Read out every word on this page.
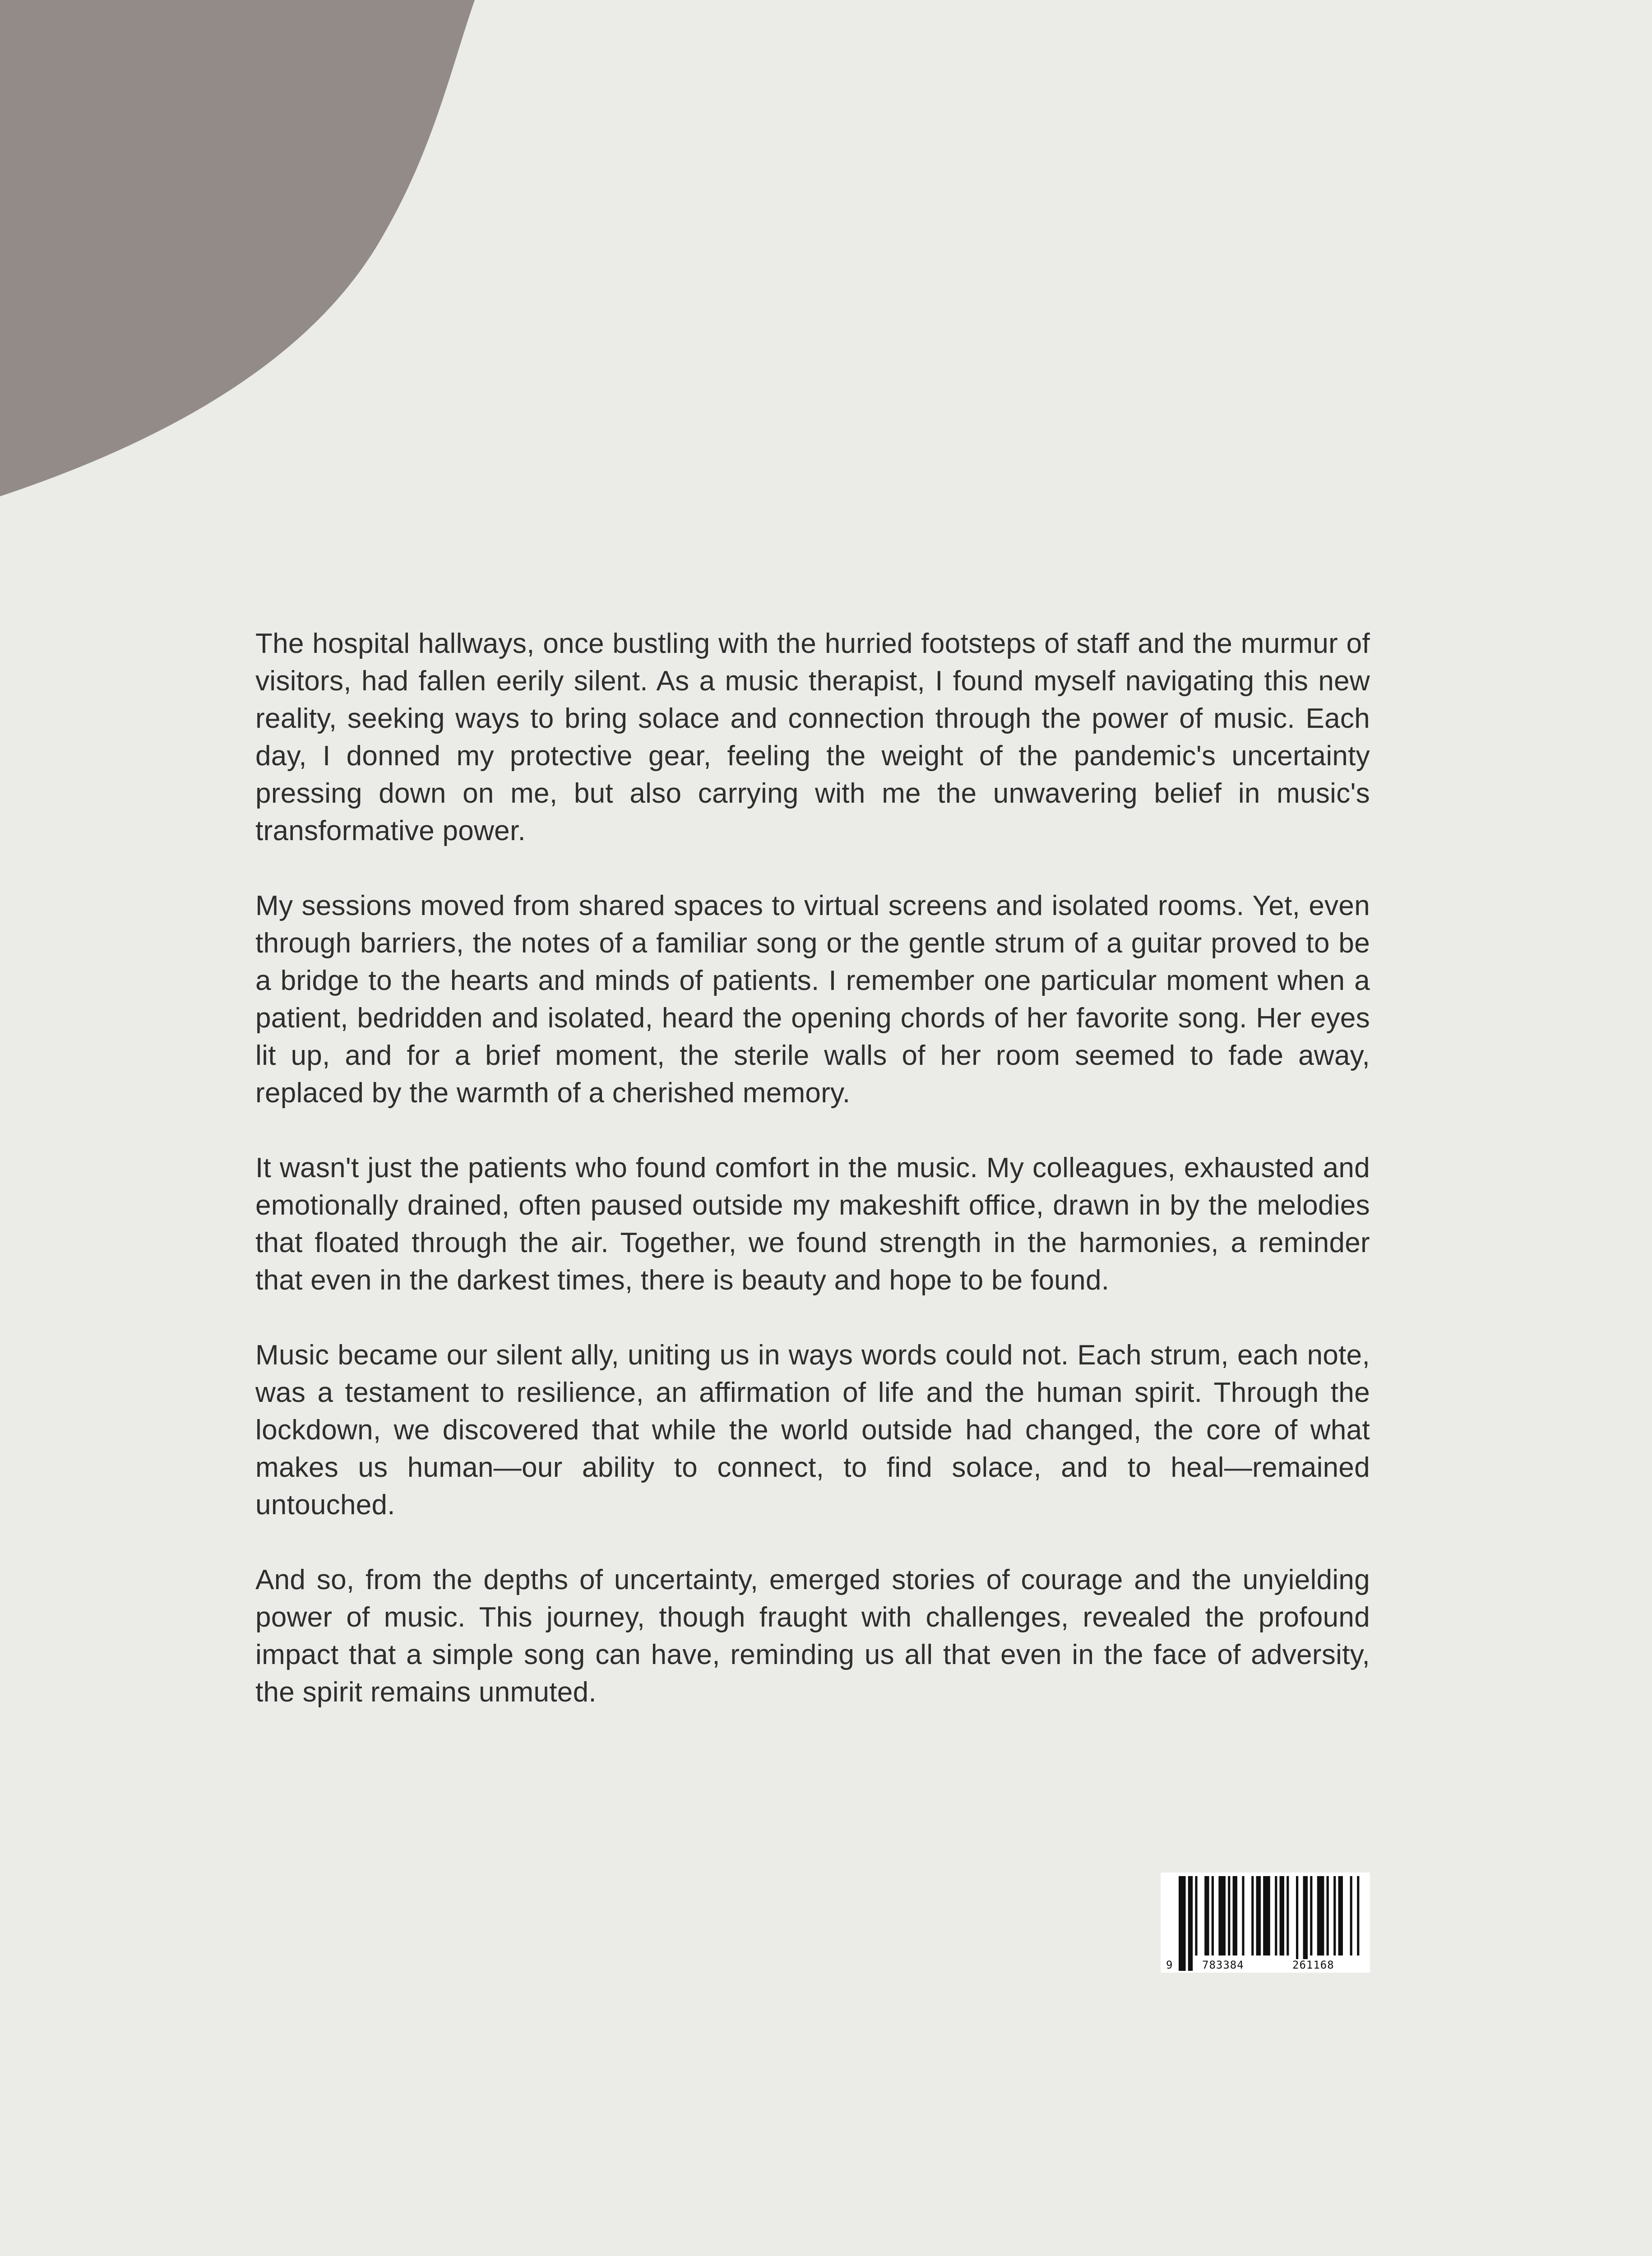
The hospital hallways, once bustling with the hurried footsteps of staff and the murmur of visitors, had fallen eerily silent. As a music therapist, I found myself navigating this new reality, seeking ways to bring solace and connection through the power of music. Each day, I donned my protective gear, feeling the weight of the pandemic's uncertainty pressing down on me, but also carrying with me the unwavering belief in music's transformative power.

My sessions moved from shared spaces to virtual screens and isolated rooms. Yet, even through barriers, the notes of a familiar song or the gentle strum of a guitar proved to be a bridge to the hearts and minds of patients. I remember one particular moment when a patient, bedridden and isolated, heard the opening chords of her favorite song. Her eyes lit up, and for a brief moment, the sterile walls of her room seemed to fade away, replaced by the warmth of a cherished memory.

It wasn't just the patients who found comfort in the music. My colleagues, exhausted and emotionally drained, often paused outside my makeshift office, drawn in by the melodies that floated through the air. Together, we found strength in the harmonies, a reminder that even in the darkest times, there is beauty and hope to be found.

Music became our silent ally, uniting us in ways words could not. Each strum, each note, was a testament to resilience, an affirmation of life and the human spirit. Through the lockdown, we discovered that while the world outside had changed, the core of what makes us human—our ability to connect, to find solace, and to heal—remained untouched.

And so, from the depths of uncertainty, emerged stories of courage and the unyielding power of music. This journey, though fraught with challenges, revealed the profound impact that a simple song can have, reminding us all that even in the face of adversity, the spirit remains unmuted.

9	783384	261168
